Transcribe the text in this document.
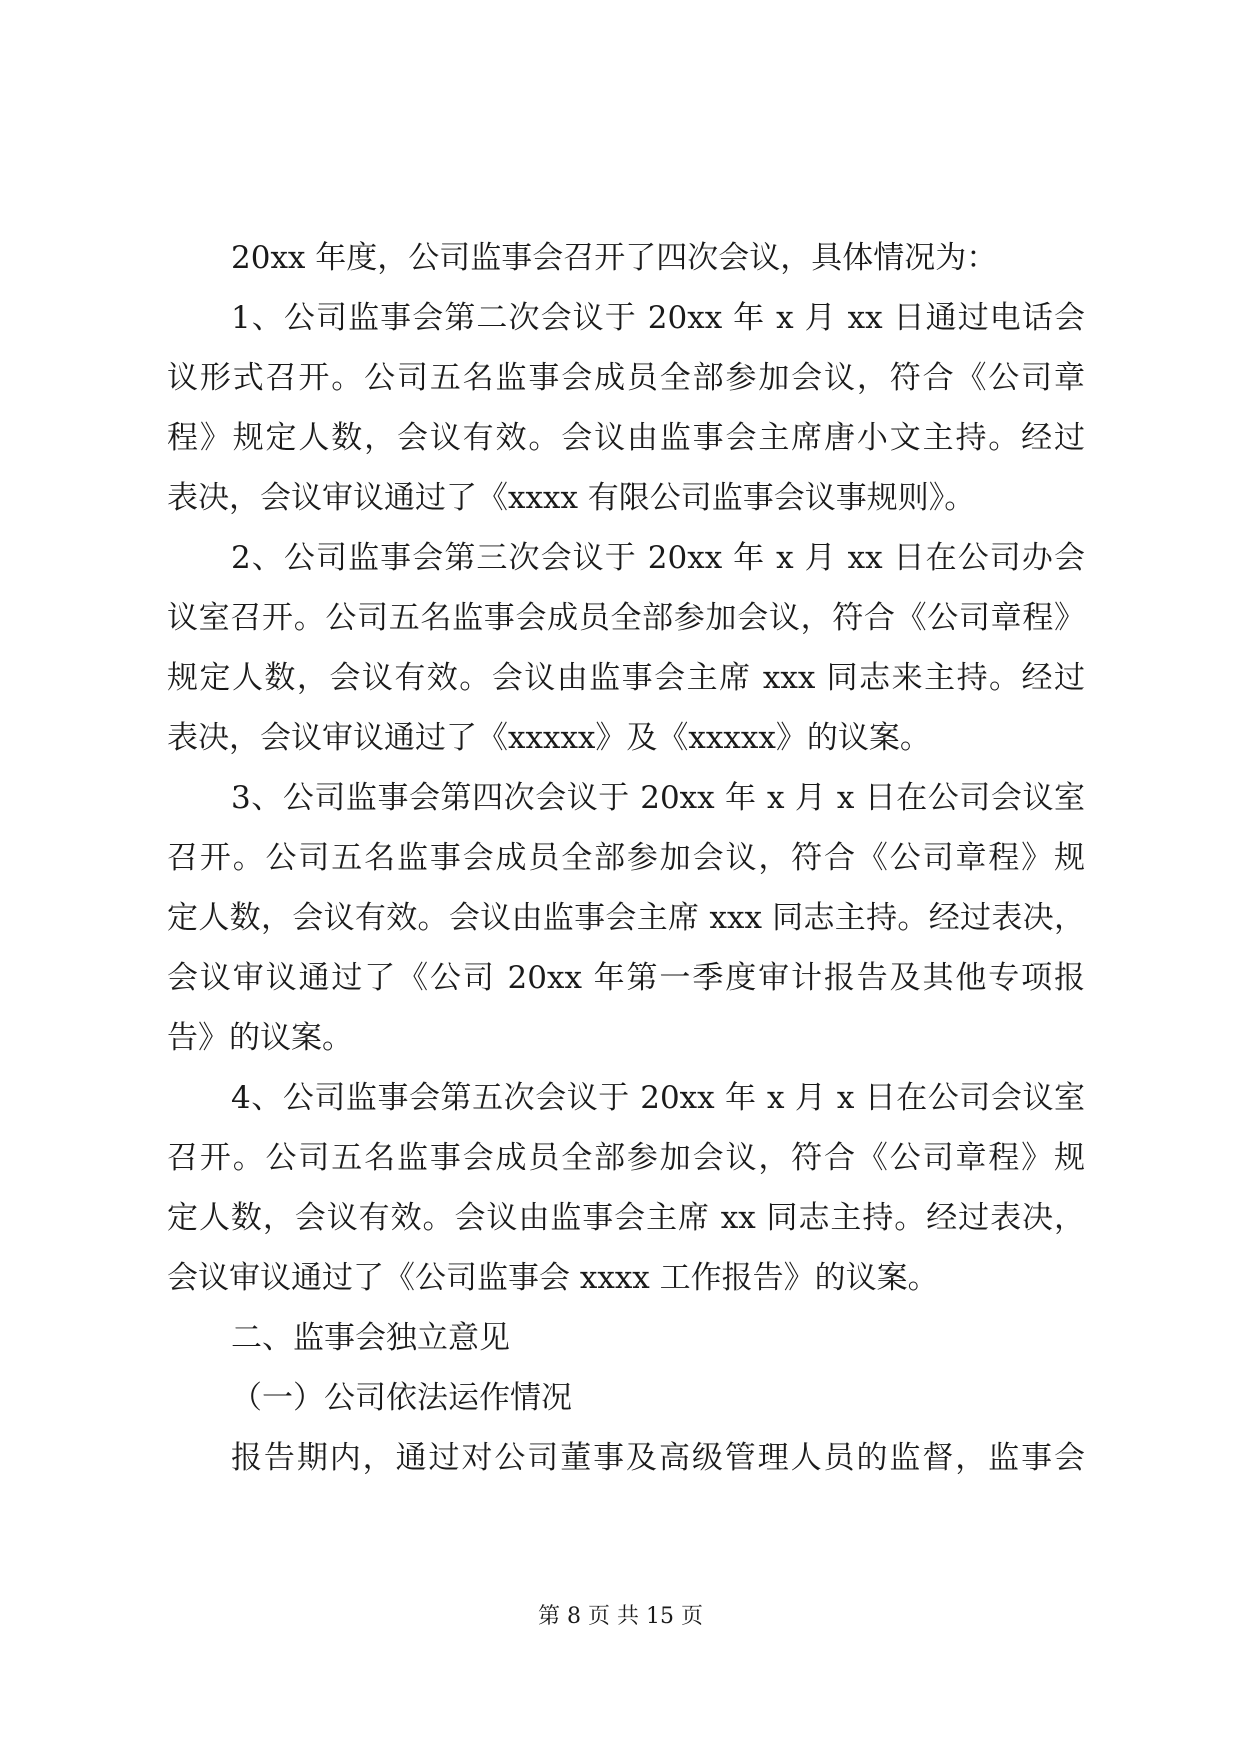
20xx 年度，公司监事会召开了四次会议，具体情况为：
1、公司监事会第二次会议于 20xx 年 x 月 xx 日通过电话会
议形式召开。公司五名监事会成员全部参加会议，符合《公司章
程》规定人数，会议有效。会议由监事会主席唐小文主持。经过
表决，会议审议通过了《xxxx 有限公司监事会议事规则》。
2、公司监事会第三次会议于 20xx 年 x 月 xx 日在公司办会
议室召开。公司五名监事会成员全部参加会议，符合《公司章程》
规定人数，会议有效。会议由监事会主席 xxx 同志来主持。经过
表决，会议审议通过了《xxxxx》及《xxxxx》的议案。
3、公司监事会第四次会议于 20xx 年 x 月 x 日在公司会议室
召开。公司五名监事会成员全部参加会议，符合《公司章程》规
定人数，会议有效。会议由监事会主席 xxx 同志主持。经过表决，
会议审议通过了《公司 20xx 年第一季度审计报告及其他专项报
告》的议案。
4、公司监事会第五次会议于 20xx 年 x 月 x 日在公司会议室
召开。公司五名监事会成员全部参加会议，符合《公司章程》规
定人数，会议有效。会议由监事会主席 xx 同志主持。经过表决，
会议审议通过了《公司监事会 xxxx 工作报告》的议案。
二、监事会独立意见
（一）公司依法运作情况
报告期内，通过对公司董事及高级管理人员的监督，监事会
第 8 页 共 15 页
